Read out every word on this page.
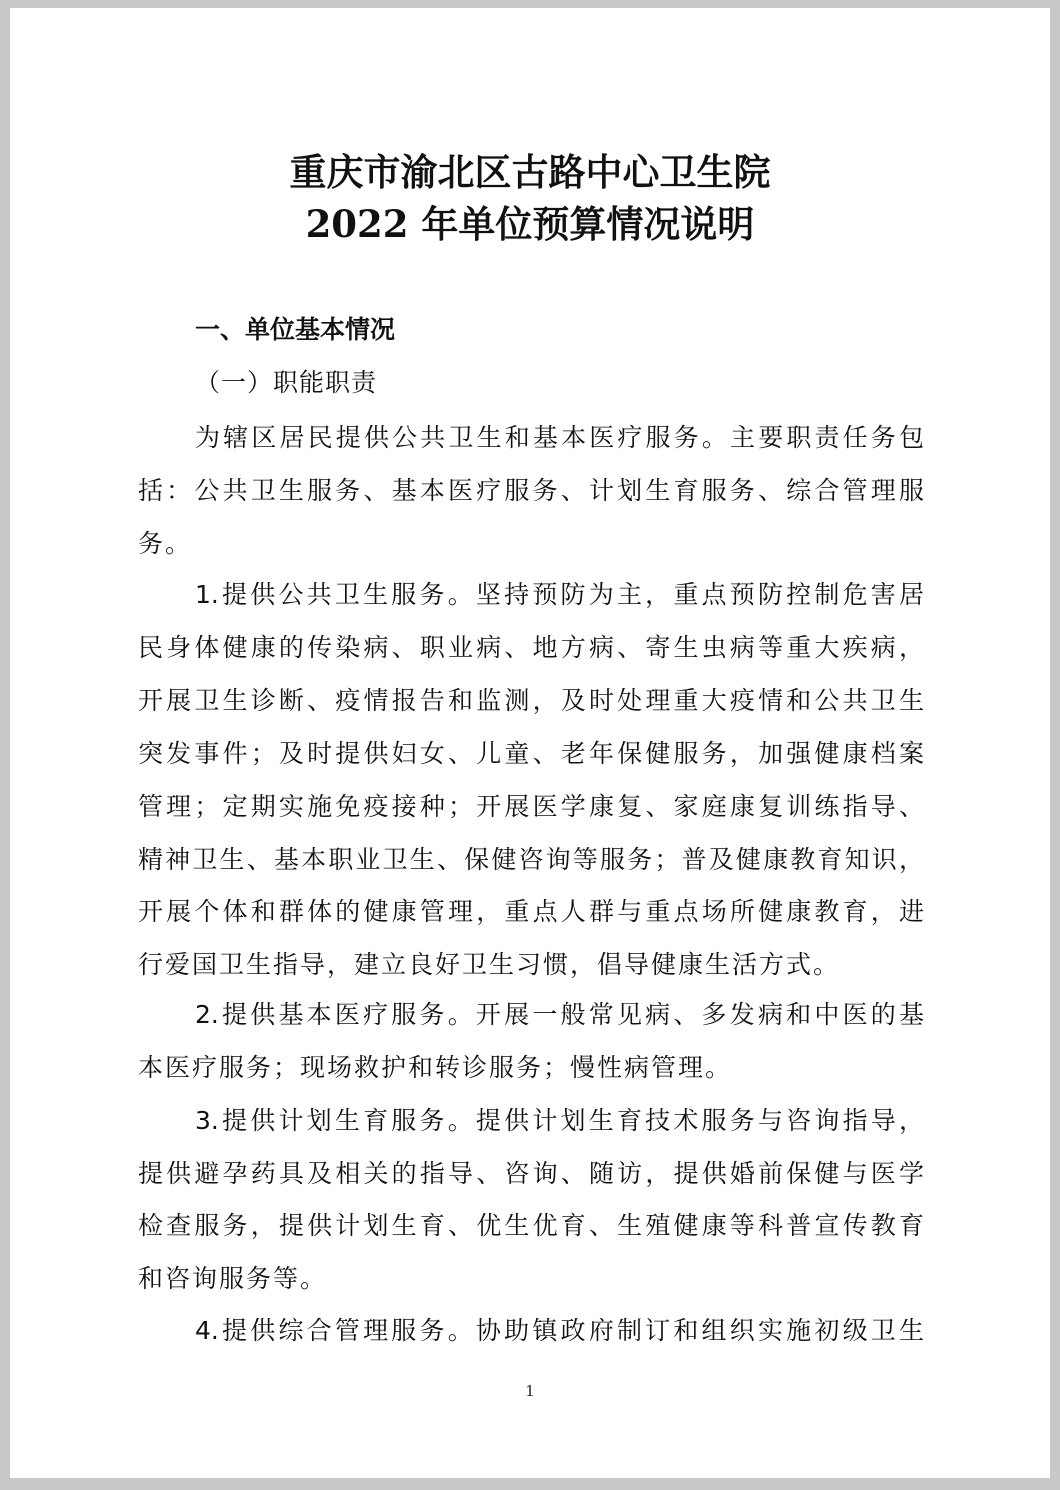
重庆市渝北区古路中心卫生院
2022 年单位预算情况说明
一、单位基本情况
（一）职能职责
为辖区居民提供公共卫生和基本医疗服务。主要职责任务包
括：公共卫生服务、基本医疗服务、计划生育服务、综合管理服
务。
1.提供公共卫生服务。坚持预防为主，重点预防控制危害居
民身体健康的传染病、职业病、地方病、寄生虫病等重大疾病，
开展卫生诊断、疫情报告和监测，及时处理重大疫情和公共卫生
突发事件；及时提供妇女、儿童、老年保健服务，加强健康档案
管理；定期实施免疫接种；开展医学康复、家庭康复训练指导、
精神卫生、基本职业卫生、保健咨询等服务；普及健康教育知识，
开展个体和群体的健康管理，重点人群与重点场所健康教育，进
行爱国卫生指导，建立良好卫生习惯，倡导健康生活方式。
2.提供基本医疗服务。开展一般常见病、多发病和中医的基
本医疗服务；现场救护和转诊服务；慢性病管理。
3.提供计划生育服务。提供计划生育技术服务与咨询指导，
提供避孕药具及相关的指导、咨询、随访，提供婚前保健与医学
检查服务，提供计划生育、优生优育、生殖健康等科普宣传教育
和咨询服务等。
4.提供综合管理服务。协助镇政府制订和组织实施初级卫生
1
